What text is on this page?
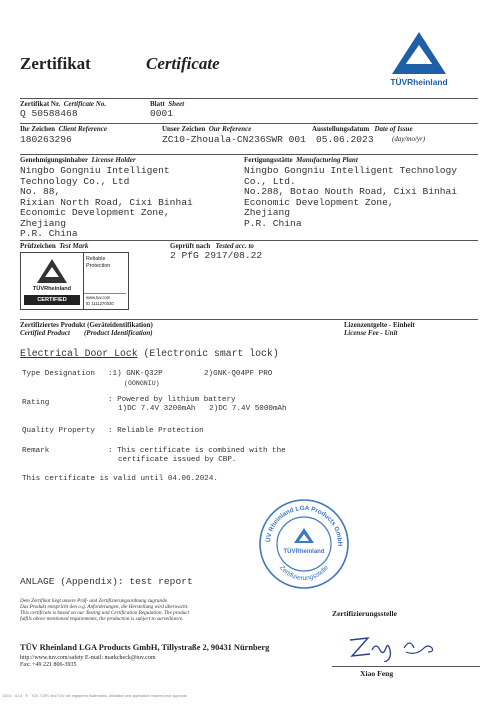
Zertifikat	Certificate	®
TÜVRheinland
Zertifikat Nr. Certificate No.
Q 50588468
Blatt Sheet
0001
Ihr Zeichen Client Reference
180263296
Unser Zeichen Our Reference
ZC10-Zhouala-CN236SWR 001
Ausstellungsdatum Date of Issue
(day/mo/yr)
05.06.2023
Genehmigungsinhaber License Holder
Ningbo Gongniu Intelligent
Technology Co., Ltd
No. 88,
Rixian North Road, Cixi Binhai
Economic Development Zone,
Zhejiang
P.R. China
Fertigungsstätte Manufacturing Plant
Ningbo Gongniu Intelligent Technology
Co., Ltd.
No.288, Botao Nouth Road, Cixi Binhai
Economic Development Zone,
Zhejiang
P.R. China
Prüfzeichen Test Mark
TÜVRheinland
CERTIFIED
Reliable
Protection
www.tuv.com
ID 1111270030
Geprüft nach Tested acc. to
2 PfG 2917/08.22
Zertifiziertes Produkt (Geräteidentifikation)
Certified Product (Product Identification)
Lizenzentgelte - Einheit
License Fee - Unit
Electrical Door Lock (Electronic smart lock)
Type Designation :1) GNK-Q32P
(GONGNIU)
2)GNK-Q04PF PRO
Rating	: Powered by lithium battery
1)DC 7.4V 3200mAh   2)DC 7.4V 5000mAh
Quality Property : Reliable Protection
Remark	: This certificate is combined with the
certificate issued by CBP.
This certificate is valid until 04.06.2024.
ÜV Rheinland LGA Products GmbH
Zertifizierungsstelle
TÜVRheinland
ANLAGE (Appendix): test report
Dem Zertifikat liegt unsere Prüf- und Zertifizierungsordnung zugrunde.
Das Produkt entspricht den o.g. Anforderungen, die Herstellung wird überwacht.
This certificate is based on our Testing and Certification Regulation. The product
fulfils above mentioned requirements, the production is subject to surveillance.
Zertifizierungsstelle
Xiao Feng
TÜV Rheinland LGA Products GmbH, Tillystraße 2, 90431 Nürnberg
http://www.tuv.com/safety E-mail: markcheck@tuv.com
Fax: +49 221 806-3935
10211 · A1.8 · ® · TÜV, TUEV and TUV are registered trademarks. Utilisation and application requires prior approval.
